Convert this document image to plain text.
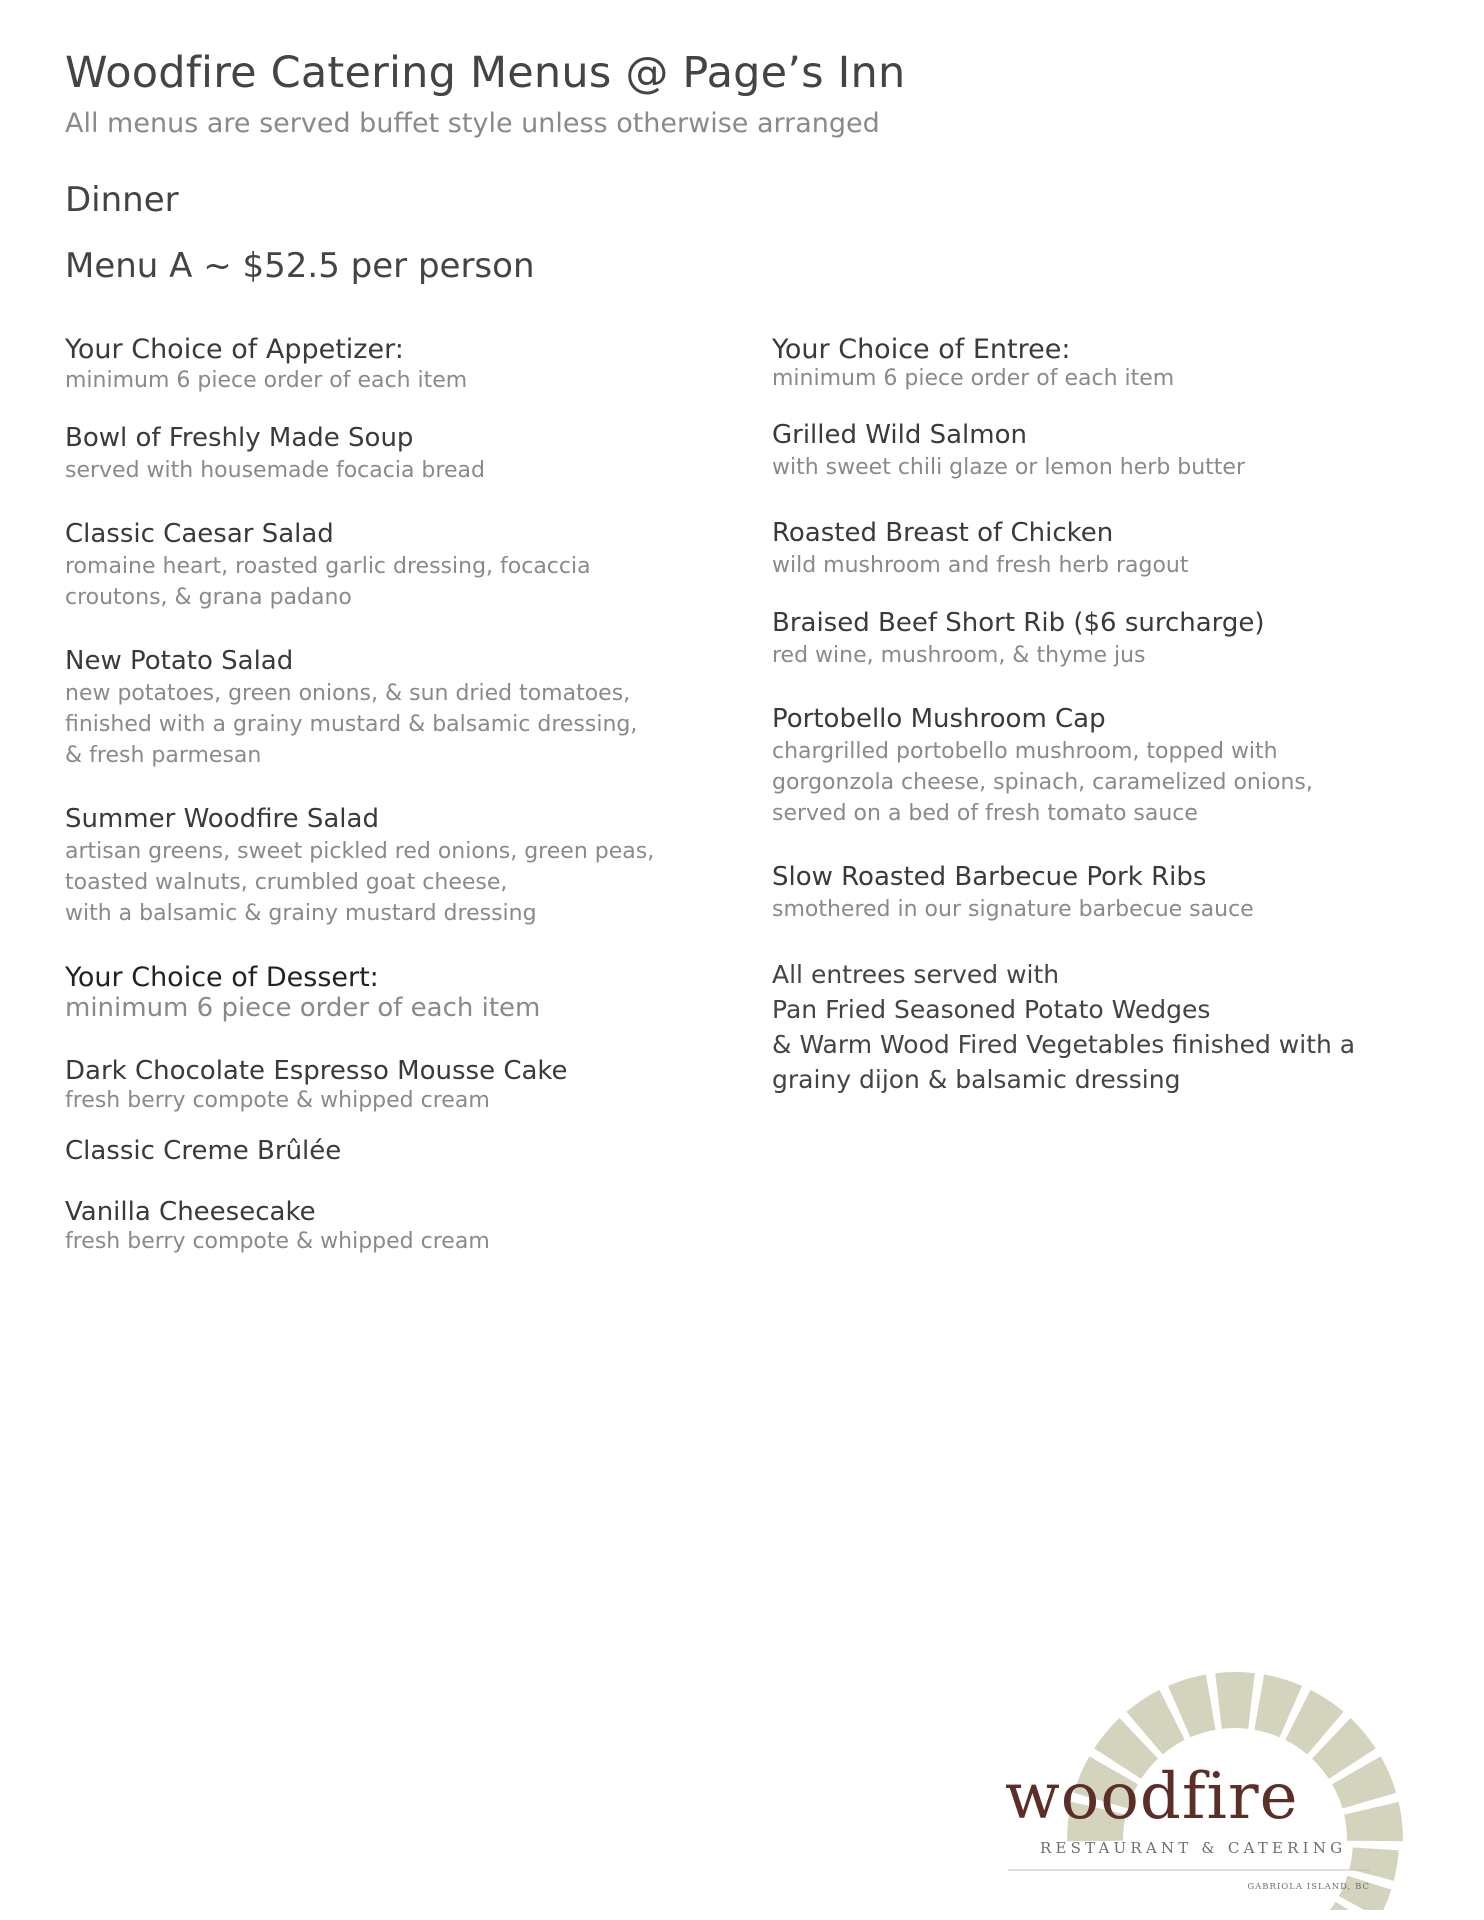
Woodfire Catering Menus @ Page’s Inn
All menus are served buffet style unless otherwise arranged
Dinner
Menu A ~ $52.5 per person
Your Choice of Appetizer:
minimum 6 piece order of each item
Bowl of Freshly Made Soup
served with housemade focacia bread
Classic Caesar Salad
romaine heart, roasted garlic dressing, focaccia
croutons, & grana padano
New Potato Salad
new potatoes, green onions, & sun dried tomatoes,
finished with a grainy mustard & balsamic dressing,
& fresh parmesan
Summer Woodfire Salad
artisan greens, sweet pickled red onions, green peas,
toasted walnuts, crumbled goat cheese,
with a balsamic & grainy mustard dressing
Your Choice of Dessert:
minimum 6 piece order of each item
Dark Chocolate Espresso Mousse Cake
fresh berry compote & whipped cream
Classic Creme Brûlée
Vanilla Cheesecake
fresh berry compote & whipped cream
Your Choice of Entree:
minimum 6 piece order of each item
Grilled Wild Salmon
with sweet chili glaze or lemon herb butter
Roasted Breast of Chicken
wild mushroom and fresh herb ragout
Braised Beef Short Rib ($6 surcharge)
red wine, mushroom, & thyme jus
Portobello Mushroom Cap
chargrilled portobello mushroom, topped with
gorgonzola cheese, spinach, caramelized onions,
served on a bed of fresh tomato sauce
Slow Roasted Barbecue Pork Ribs
smothered in our signature barbecue sauce
All entrees served with
Pan Fried Seasoned Potato Wedges
& Warm Wood Fired Vegetables finished with a
grainy dijon & balsamic dressing
woodfire
RESTAURANT & CATERING
GABRIOLA ISLAND, BC
